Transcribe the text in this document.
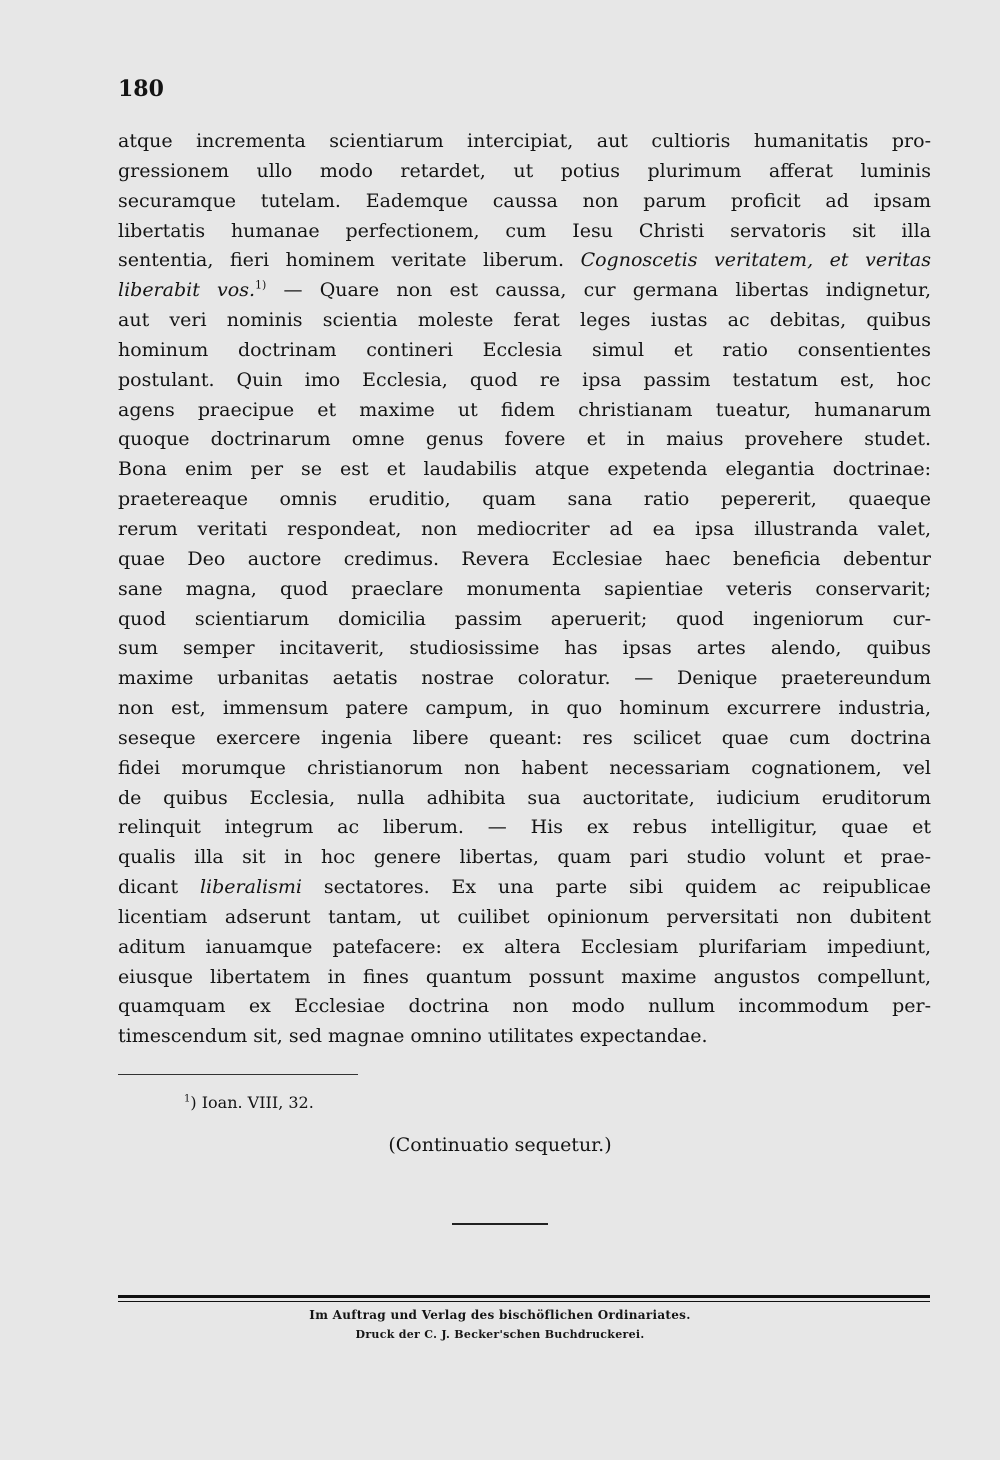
180
atque incrementa scientiarum intercipiat, aut cultioris humanitatis pro-
gressionem ullo modo retardet, ut potius plurimum afferat luminis
securamque tutelam. Eademque caussa non parum proficit ad ipsam
libertatis humanae perfectionem, cum Iesu Christi servatoris sit illa
sententia, fieri hominem veritate liberum. Cognoscetis veritatem, et veritas
liberabit vos.$^{1)}$ — Quare non est caussa, cur germana libertas indignetur,
aut veri nominis scientia moleste ferat leges iustas ac debitas, quibus
hominum doctrinam contineri Ecclesia simul et ratio consentientes
postulant. Quin imo Ecclesia, quod re ipsa passim testatum est, hoc
agens praecipue et maxime ut fidem christianam tueatur, humanarum
quoque doctrinarum omne genus fovere et in maius provehere studet.
Bona enim per se est et laudabilis atque expetenda elegantia doctrinae:
praetereaque omnis eruditio, quam sana ratio pepererit, quaeque
rerum veritati respondeat, non mediocriter ad ea ipsa illustranda valet,
quae Deo auctore credimus. Revera Ecclesiae haec beneficia debentur
sane magna, quod praeclare monumenta sapientiae veteris conservarit;
quod scientiarum domicilia passim aperuerit; quod ingeniorum cur-
sum semper incitaverit, studiosissime has ipsas artes alendo, quibus
maxime urbanitas aetatis nostrae coloratur. — Denique praetereundum
non est, immensum patere campum, in quo hominum excurrere industria,
seseque exercere ingenia libere queant: res scilicet quae cum doctrina
fidei morumque christianorum non habent necessariam cognationem, vel
de quibus Ecclesia, nulla adhibita sua auctoritate, iudicium eruditorum
relinquit integrum ac liberum. — His ex rebus intelligitur, quae et
qualis illa sit in hoc genere libertas, quam pari studio volunt et prae-
dicant liberalismi sectatores. Ex una parte sibi quidem ac reipublicae
licentiam adserunt tantam, ut cuilibet opinionum perversitati non dubitent
aditum ianuamque patefacere: ex altera Ecclesiam plurifariam impediunt,
eiusque libertatem in fines quantum possunt maxime angustos compellunt,
quamquam ex Ecclesiae doctrina non modo nullum incommodum per-
timescendum sit, sed magnae omnino utilitates expectandae.
$^1$) Ioan. VIII, 32.
(Continuatio sequetur.)
Im Auftrag und Verlag des bischöflichen Ordinariates.
Druck der C. J. Becker'schen Buchdruckerei.
